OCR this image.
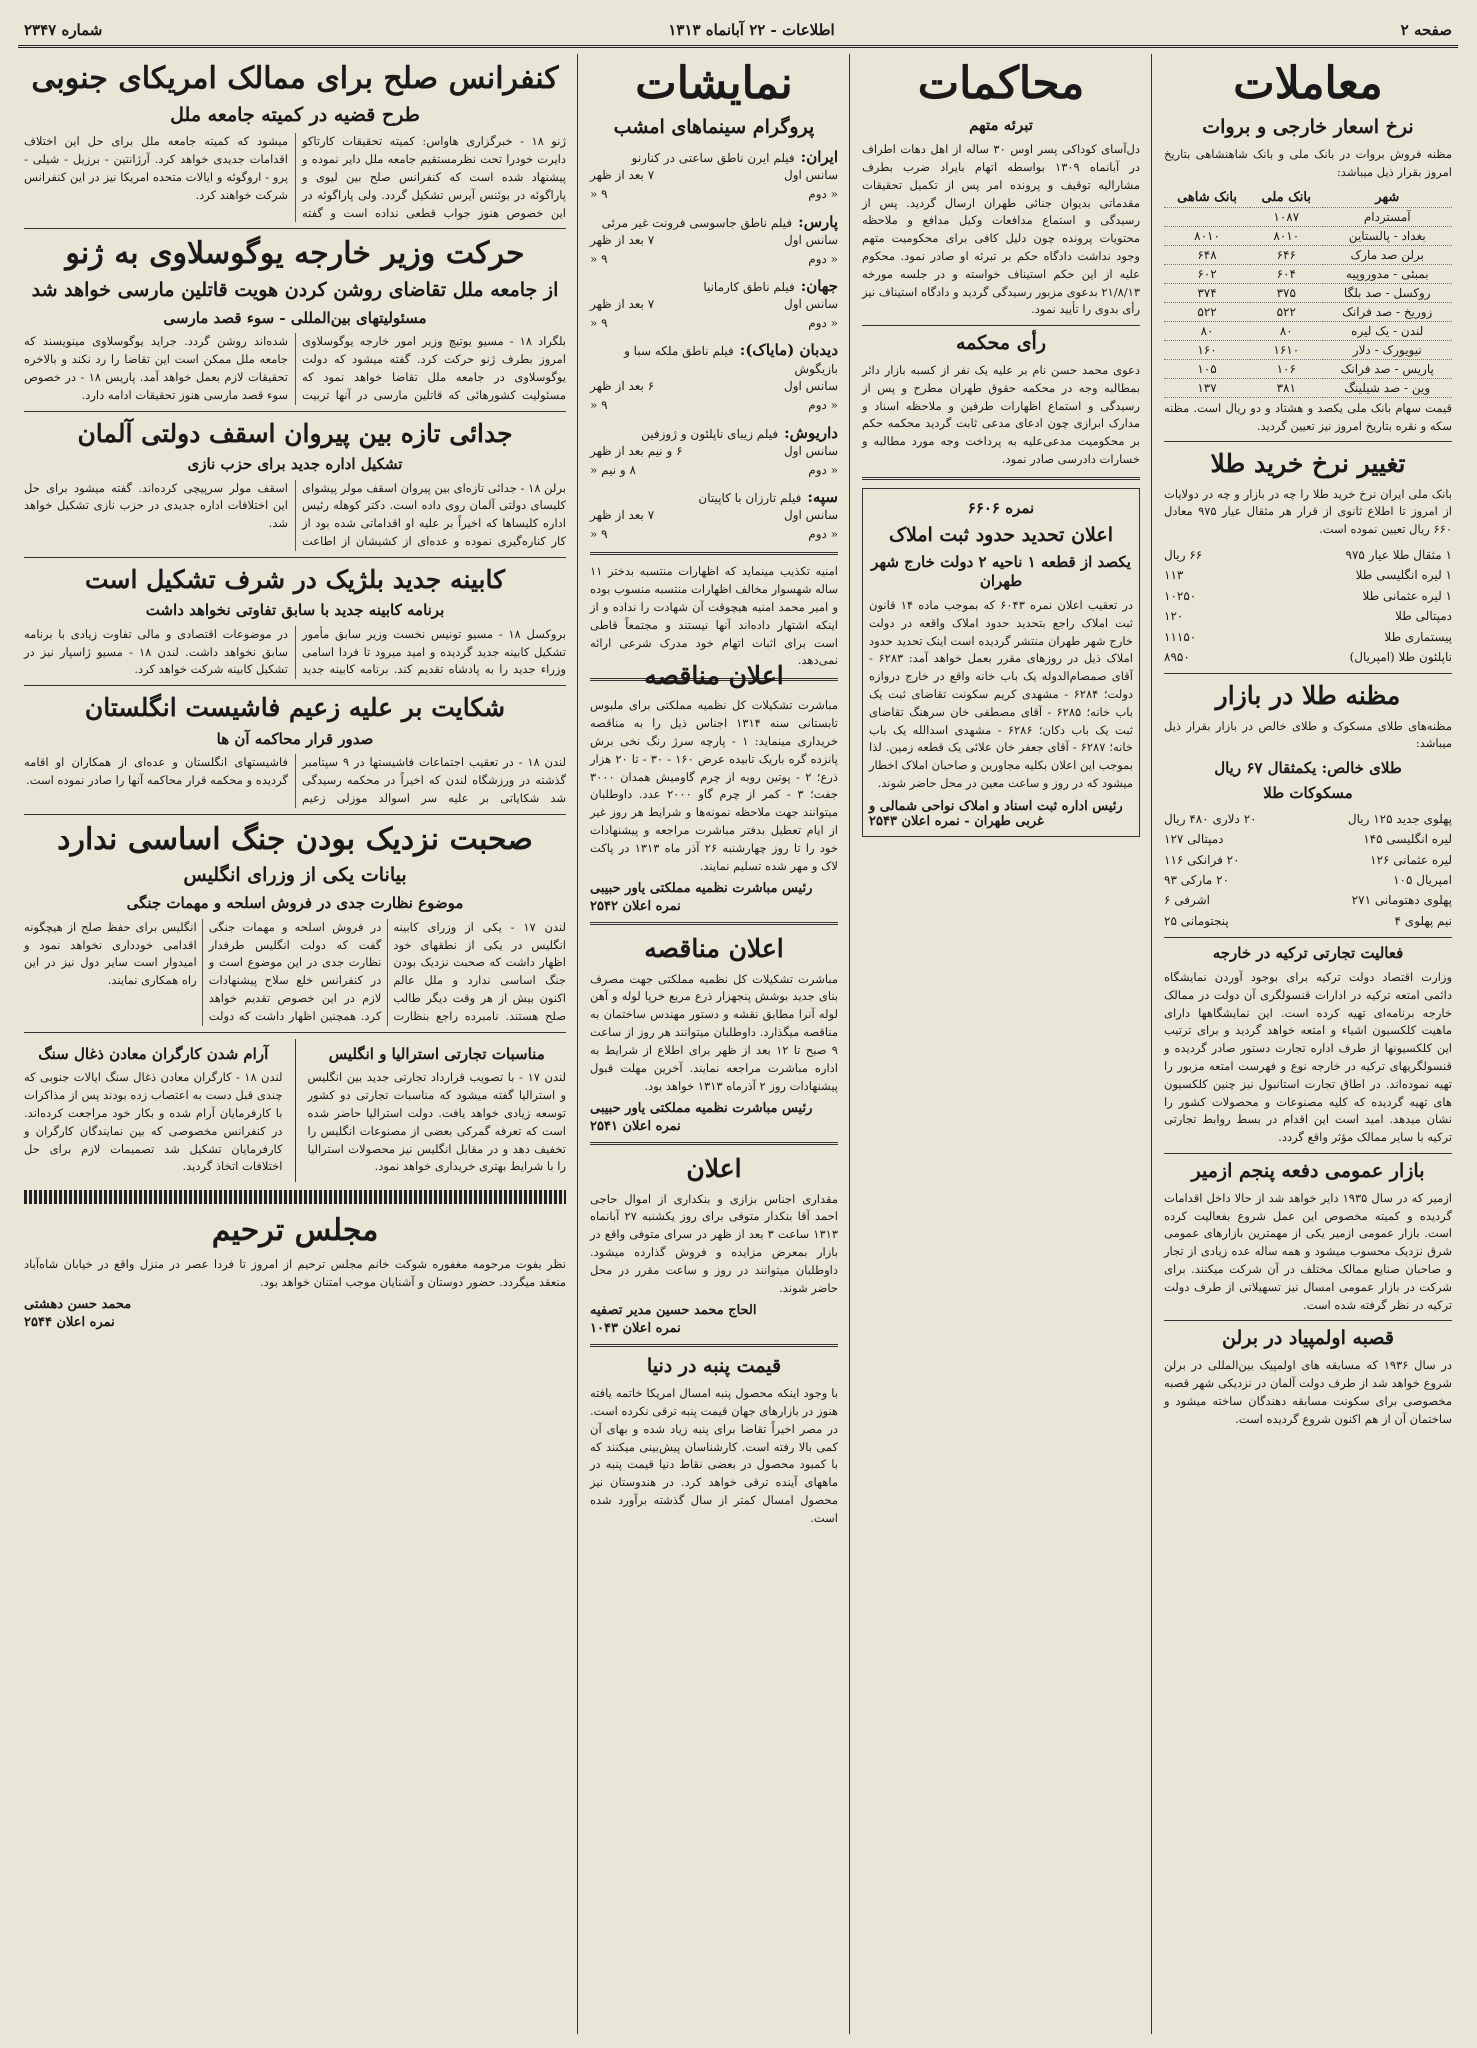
صفحه ۲
اطلاعات - ۲۲ آبانماه ۱۳۱۳
شماره ۲۳۴۷
معاملات
نرخ اسعار خارجی و بروات
مظنه فروش بروات در بانک ملی و بانک شاهنشاهی بتاریخ امروز بقرار ذیل میباشد:
شهر	بانک ملی	بانک شاهی
آمستردام	۱۰۸۷	
بغداد - پالستاین	۸۰۱۰	۸۰۱۰
برلن صد مارک	۶۴۶	۶۴۸
بمبئی - مدوروپیه	۶۰۴	۶۰۲
روکسل - صد بلگا	۳۷۵	۳۷۴
زوریخ - صد فرانک	۵۲۲	۵۲۲
لندن - یک لیره	۸۰	۸۰
نیویورک - دلار	۱۶۱۰	۱۶۰
پاریس - صد فرانک	۱۰۶	۱۰۵
وین - صد شیلینگ	۳۸۱	۱۳۷
قیمت سهام بانک ملی یکصد و هشتاد و دو ریال است. مظنه سکه و نقره بتاریخ امروز نیز تعیین گردید.
تغییر نرخ خرید طلا
بانک ملی ایران نرخ خرید طلا را چه در بازار و چه در دولایات از امروز تا اطلاع ثانوی از قرار هر مثقال عیار ۹۷۵ معادل ۶۶۰ ریال تعیین نموده است.
۱ مثقال طلا عیار ۹۷۵
۶۶ ریال
۱ لیره انگلیسی طلا
۱۱۳
۱ لیره عثمانی طلا
۱۰۲۵۰
دمپتالی طلا
۱۲۰
پیستماری طلا
۱۱۱۵۰
ناپلئون طلا (امپریال)
۸۹۵۰
مظنه طلا در بازار
مظنه‌های طلای مسکوک و طلای خالص در بازار بقرار ذیل میباشد:
طلای خالص: یکمثقال ۶۷ ریال
مسکوکات طلا
پهلوی جدید ۱۲۵ ریال
۲۰ دلاری ۴۸۰ ریال
لیره انگلیسی ۱۴۵
دمپتالی ۱۲۷
لیره عثمانی ۱۲۶
۲۰ فرانکی ۱۱۶
امپریال ۱۰۵
۲۰ مارکی ۹۳
پهلوی دهتومانی ۲۷۱
اشرفی ۶
نیم پهلوی ۴
پنجتومانی ۲۵
فعالیت تجارتی ترکیه در خارجه
وزارت اقتصاد دولت ترکیه برای بوجود آوردن نمایشگاه دائمی امتعه ترکیه در ادارات قنسولگری آن دولت در ممالک خارجه برنامه‌ای تهیه کرده است. این نمایشگاهها دارای ماهیت کلکسیون اشیاء و امتعه خواهد گردید و برای ترتیب این کلکسیونها از طرف اداره تجارت دستور صادر گردیده و قنسولگریهای ترکیه در خارجه نوع و فهرست امتعه مزبور را تهیه نموده‌اند. در اطاق تجارت استانبول نیز چنین کلکسیون های تهیه گردیده که کلیه مصنوعات و محصولات کشور را نشان میدهد. امید است این اقدام در بسط روابط تجارتی ترکیه با سایر ممالک مؤثر واقع گردد.
بازار عمومی دفعه پنجم ازمیر
ازمیر که در سال ۱۹۳۵ دایر خواهد شد از حالا داخل اقدامات گردیده و کمیته مخصوص این عمل شروع بفعالیت کرده است. بازار عمومی ازمیر یکی از مهمترین بازارهای عمومی شرق نزدیک محسوب میشود و همه ساله عده زیادی از تجار و صاحبان صنایع ممالک مختلف در آن شرکت میکنند. برای شرکت در بازار عمومی امسال نیز تسهیلاتی از طرف دولت ترکیه در نظر گرفته شده است.
قصبه اولمپیاد در برلن
در سال ۱۹۳۶ که مسابقه های اولمپیک بین‌المللی در برلن شروع خواهد شد از طرف دولت آلمان در نزدیکی شهر قصبه مخصوصی برای سکونت مسابقه دهندگان ساخته میشود و ساختمان آن از هم اکنون شروع گردیده است.
محاکمات
تبرئه متهم
دل‌آسای کوداکی پسر اوس ۳۰ ساله از اهل دهات اطراف در آبانماه ۱۳۰۹ بواسطه اتهام بایراد ضرب بطرف مشارالیه توقیف و پرونده امر پس از تکمیل تحقیقات مقدماتی بدیوان جنائی طهران ارسال گردید. پس از رسیدگی و استماع مدافعات وکیل مدافع و ملاحظه محتویات پرونده چون دلیل کافی برای محکومیت متهم وجود نداشت دادگاه حکم بر تبرئه او صادر نمود. محکوم علیه از این حکم استیناف خواسته و در جلسه مورخه ۲۱/۸/۱۳ بدعوی مزبور رسیدگی گردید و دادگاه استیناف نیز رأی بدوی را تأیید نمود.
رأی محکمه
دعوی محمد حسن نام بر علیه یک نفر از کسبه بازار دائر بمطالبه وجه در محکمه حقوق طهران مطرح و پس از رسیدگی و استماع اظهارات طرفین و ملاحظه اسناد و مدارک ابرازی چون ادعای مدعی ثابت گردید محکمه حکم بر محکومیت مدعی‌علیه به پرداخت وجه مورد مطالبه و خسارات دادرسی صادر نمود.
نمره ۶۶۰۶
اعلان تحدید حدود ثبت املاک
یکصد از قطعه ۱ ناحیه ۲ دولت خارج شهر طهران
در تعقیب اعلان نمره ۶۰۴۳ که بموجب ماده ۱۴ قانون ثبت املاک راجع بتحدید حدود املاک واقعه در دولت خارج شهر طهران منتشر گردیده است اینک تحدید حدود املاک ذیل در روزهای مقرر بعمل خواهد آمد: ۶۲۸۳ - آقای صمصام‌الدوله یک باب خانه واقع در خارج دروازه دولت؛ ۶۲۸۴ - مشهدی کریم سکونت تقاضای ثبت یک باب خانه؛ ۶۲۸۵ - آقای مصطفی خان سرهنگ تقاضای ثبت یک باب دکان؛ ۶۲۸۶ - مشهدی اسدالله یک باب خانه؛ ۶۲۸۷ - آقای جعفر خان علائی یک قطعه زمین. لذا بموجب این اعلان بکلیه مجاورین و صاحبان املاک اخطار میشود که در روز و ساعت معین در محل حاضر شوند.
رئیس اداره ثبت اسناد و املاک نواحی شمالی و غربی طهران - نمره اعلان ۲۵۴۳
نمایشات
پروگرام سینماهای امشب
ایران:فیلم ایرن ناطق ساعتی در کنارنو
سانس اول
۷ بعد از ظهر
« دوم
۹ «
پارس:فیلم ناطق جاسوسی فرونت غیر مرئی
سانس اول
۷ بعد از ظهر
« دوم
۹ «
جهان:فیلم ناطق کارمانیا
سانس اول
۷ بعد از ظهر
« دوم
۹ «
دیدبان (مایاک):فیلم ناطق ملکه سبا و بازیگوش
سانس اول
۶ بعد از ظهر
« دوم
۹ «
داریوش:فیلم زیبای ناپلئون و ژوزفین
سانس اول
۶ و نیم بعد از ظهر
« دوم
۸ و نیم «
سپه:فیلم تارزان با کاپیتان
سانس اول
۷ بعد از ظهر
« دوم
۹ «
امنیه تکذیب مینماید که اظهارات منتسبه بدختر ۱۱ ساله شهسوار مخالف اظهارات منتسبه منسوب بوده و امیر محمد امنیه هیچوقت آن شهادت را نداده و از اینکه اشتهار داده‌اند آنها نیستند و مجتمعاً قاطی است برای اثبات اتهام خود مدرک شرعی ارائه نمی‌دهد.
اعلان مناقصه
مباشرت تشکیلات کل نظمیه مملکتی برای ملبوس تابستانی سنه ۱۳۱۴ اجناس ذیل را به مناقصه خریداری مینماید: ۱ - پارچه سرژ رنگ نخی برش پانزده گره باریک تابیده عرض ۱۶۰ - ۳۰ - تا ۲۰ هزار ذرع؛ ۲ - پوتین روبه از چرم گاومیش همدان ۳۰۰۰ جفت؛ ۳ - کمر از چرم گاو ۲۰۰۰ عدد. داوطلبان میتوانند جهت ملاحظه نمونه‌ها و شرایط هر روز غیر از ایام تعطیل بدفتر مباشرت مراجعه و پیشنهادات خود را تا روز چهارشنبه ۲۶ آذر ماه ۱۳۱۳ در پاکت لاک و مهر شده تسلیم نمایند.
رئیس مباشرت نظمیه مملکتی یاور حبیبی
نمره اعلان ۲۵۴۲
اعلان مناقصه
مباشرت تشکیلات کل نظمیه مملکتی جهت مصرف بنای جدید بوشش پنجهزار ذرع مربع خرپا لوله و آهن لوله آنرا مطابق نقشه و دستور مهندس ساختمان به مناقصه میگذارد. داوطلبان میتوانند هر روز از ساعت ۹ صبح تا ۱۲ بعد از ظهر برای اطلاع از شرایط به اداره مباشرت مراجعه نمایند. آخرین مهلت قبول پیشنهادات روز ۲ آذرماه ۱۳۱۳ خواهد بود.
رئیس مباشرت نظمیه مملکتی یاور حبیبی
نمره اعلان ۲۵۴۱
اعلان
مقداری اجناس بزازی و بنکداری از اموال حاجی احمد آقا بنکدار متوفی برای روز یکشنبه ۲۷ آبانماه ۱۳۱۳ ساعت ۳ بعد از ظهر در سرای متوفی واقع در بازار بمعرض مزایده و فروش گذارده میشود. داوطلبان میتوانند در روز و ساعت مقرر در محل حاضر شوند.
الحاج محمد حسین مدیر تصفیه
نمره اعلان ۱۰۴۳
قیمت پنبه در دنیا
با وجود اینکه محصول پنبه امسال امریکا خاتمه یافته هنوز در بازارهای جهان قیمت پنبه ترقی نکرده است. در مصر اخیراً تقاضا برای پنبه زیاد شده و بهای آن کمی بالا رفته است. کارشناسان پیش‌بینی میکنند که با کمبود محصول در بعضی نقاط دنیا قیمت پنبه در ماههای آینده ترقی خواهد کرد. در هندوستان نیز محصول امسال کمتر از سال گذشته برآورد شده است.
کنفرانس صلح برای ممالک امریکای جنوبی
طرح قضیه در کمیته جامعه ملل
ژنو ۱۸ - خبرگزاری هاواس: کمیته تحقیقات کارتاکو دایرت خودرا تحت نظرمستقیم جامعه ملل دایر نموده و پیشنهاد شده است که کنفرانس صلح بین لیوی و پاراگوئه در بوئنس آیرس تشکیل گردد. ولی پاراگوئه در این خصوص هنوز جواب قطعی نداده است و گفته میشود که کمیته جامعه ملل برای حل این اختلاف اقدامات جدیدی خواهد کرد. آرژانتین - برزیل - شیلی - پرو - اروگوئه و ایالات متحده امریکا نیز در این کنفرانس شرکت خواهند کرد.
حرکت وزیر خارجه یوگوسلاوی به ژنو
از جامعه ملل تقاضای روشن کردن هویت قاتلین مارسی خواهد شد
مسئولیتهای بین‌المللی - سوء قصد مارسی
بلگراد ۱۸ - مسیو یوتیچ وزیر امور خارجه یوگوسلاوی امروز بطرف ژنو حرکت کرد. گفته میشود که دولت یوگوسلاوی در جامعه ملل تقاضا خواهد نمود که مسئولیت کشورهائی که قاتلین مارسی در آنها تربیت شده‌اند روشن گردد. جراید یوگوسلاوی مینویسند که جامعه ملل ممکن است این تقاضا را رد نکند و بالاخره تحقیقات لازم بعمل خواهد آمد. پاریس ۱۸ - در خصوص سوء قصد مارسی هنوز تحقیقات ادامه دارد.
جدائی تازه بین پیروان اسقف دولتی آلمان
تشکیل اداره جدید برای حزب نازی
برلن ۱۸ - جدائی تازه‌ای بین پیروان اسقف مولر پیشوای کلیسای دولتی آلمان روی داده است. دکتر کوهله رئیس اداره کلیساها که اخیراً بر علیه او اقداماتی شده بود از کار کناره‌گیری نموده و عده‌ای از کشیشان از اطاعت اسقف مولر سرپیچی کرده‌اند. گفته میشود برای حل این اختلافات اداره جدیدی در حزب نازی تشکیل خواهد شد.
کابینه جدید بلژیک در شرف تشکیل است
برنامه کابینه جدید با سابق تفاوتی نخواهد داشت
بروکسل ۱۸ - مسیو تونیس نخست وزیر سابق مأمور تشکیل کابینه جدید گردیده و امید میرود تا فردا اسامی وزراء جدید را به پادشاه تقدیم کند. برنامه کابینه جدید در موضوعات اقتصادی و مالی تفاوت زیادی با برنامه سابق نخواهد داشت. لندن ۱۸ - مسیو ژاسپار نیز در تشکیل کابینه شرکت خواهد کرد.
شکایت بر علیه زعیم فاشیست انگلستان
صدور قرار محاکمه آن ها
لندن ۱۸ - در تعقیب اجتماعات فاشیستها در ۹ سپتامبر گذشته در ورزشگاه لندن که اخیراً در محکمه رسیدگی شد شکایاتی بر علیه سر اسوالد موزلی زعیم فاشیستهای انگلستان و عده‌ای از همکاران او اقامه گردیده و محکمه قرار محاکمه آنها را صادر نموده است.
صحبت نزدیک بودن جنگ اساسی ندارد
بیانات یکی از وزرای انگلیس
موضوع نظارت جدی در فروش اسلحه و مهمات جنگی
لندن ۱۷ - یکی از وزرای کابینه انگلیس در یکی از نطقهای خود اظهار داشت که صحبت نزدیک بودن جنگ اساسی ندارد و ملل عالم اکنون بیش از هر وقت دیگر طالب صلح هستند. نامبرده راجع بنظارت در فروش اسلحه و مهمات جنگی گفت که دولت انگلیس طرفدار نظارت جدی در این موضوع است و در کنفرانس خلع سلاح پیشنهادات لازم در این خصوص تقدیم خواهد کرد. همچنین اظهار داشت که دولت انگلیس برای حفظ صلح از هیچگونه اقدامی خودداری نخواهد نمود و امیدوار است سایر دول نیز در این راه همکاری نمایند.
مناسبات تجارتی استرالیا و انگلیس
لندن ۱۷ - با تصویب قرارداد تجارتی جدید بین انگلیس و استرالیا گفته میشود که مناسبات تجارتی دو کشور توسعه زیادی خواهد یافت. دولت استرالیا حاضر شده است که تعرفه گمرکی بعضی از مصنوعات انگلیس را تخفیف دهد و در مقابل انگلیس نیز محصولات استرالیا را با شرایط بهتری خریداری خواهد نمود.
آرام شدن کارگران معادن ذغال سنگ
لندن ۱۸ - کارگران معادن ذغال سنگ ایالات جنوبی که چندی قبل دست به اعتصاب زده بودند پس از مذاکرات با کارفرمایان آرام شده و بکار خود مراجعت کرده‌اند. در کنفرانس مخصوصی که بین نمایندگان کارگران و کارفرمایان تشکیل شد تصمیمات لازم برای حل اختلافات اتخاذ گردید.
مجلس ترحیم
نظر بفوت مرحومه مغفوره شوکت خانم مجلس ترحیم از امروز تا فردا عصر در منزل واقع در خیابان شاه‌آباد منعقد میگردد. حضور دوستان و آشنایان موجب امتنان خواهد بود.
محمد حسن دهشتی
نمره اعلان ۲۵۴۴
